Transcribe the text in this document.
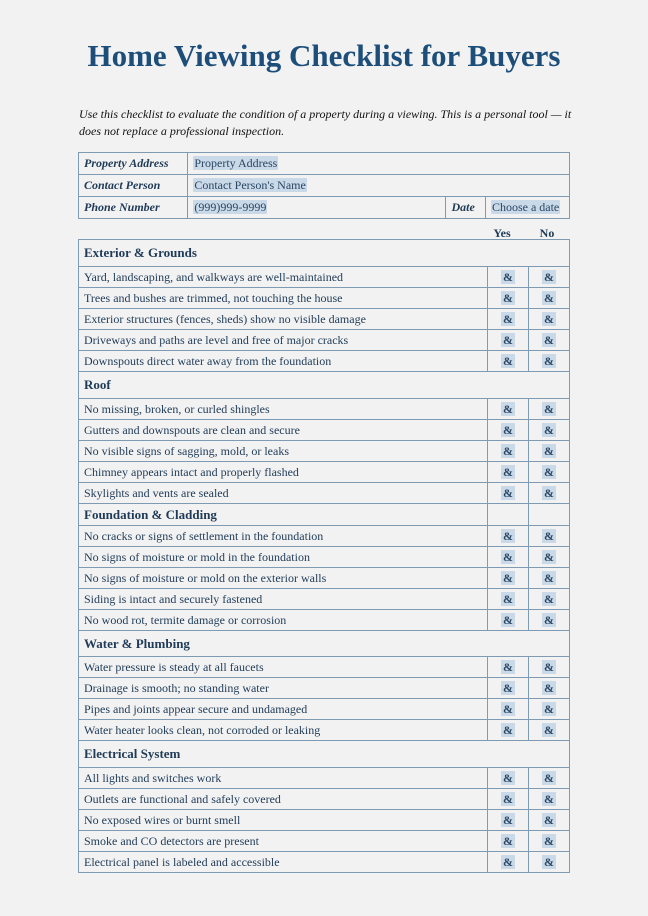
Home Viewing Checklist for Buyers

Use this checklist to evaluate the condition of a property during a viewing. This is a personal tool — it does not replace a professional inspection.

Property Address	Property Address		
Contact Person	Contact Person's Name		
Phone Number	(999)999-9999	Date	Choose a date
Yes	No
Exterior & Grounds		
Yard, landscaping, and walkways are well-maintained	&	&
Trees and bushes are trimmed, not touching the house	&	&
Exterior structures (fences, sheds) show no visible damage	&	&
Driveways and paths are level and free of major cracks	&	&
Downspouts direct water away from the foundation	&	&
Roof		
No missing, broken, or curled shingles	&	&
Gutters and downspouts are clean and secure	&	&
No visible signs of sagging, mold, or leaks	&	&
Chimney appears intact and properly flashed	&	&
Skylights and vents are sealed	&	&
Foundation & Cladding		
No cracks or signs of settlement in the foundation	&	&
No signs of moisture or mold in the foundation	&	&
No signs of moisture or mold on the exterior walls	&	&
Siding is intact and securely fastened	&	&
No wood rot, termite damage or corrosion	&	&
Water & Plumbing		
Water pressure is steady at all faucets	&	&
Drainage is smooth; no standing water	&	&
Pipes and joints appear secure and undamaged	&	&
Water heater looks clean, not corroded or leaking	&	&
Electrical System		
All lights and switches work	&	&
Outlets are functional and safely covered	&	&
No exposed wires or burnt smell	&	&
Smoke and CO detectors are present	&	&
Electrical panel is labeled and accessible	&	&
